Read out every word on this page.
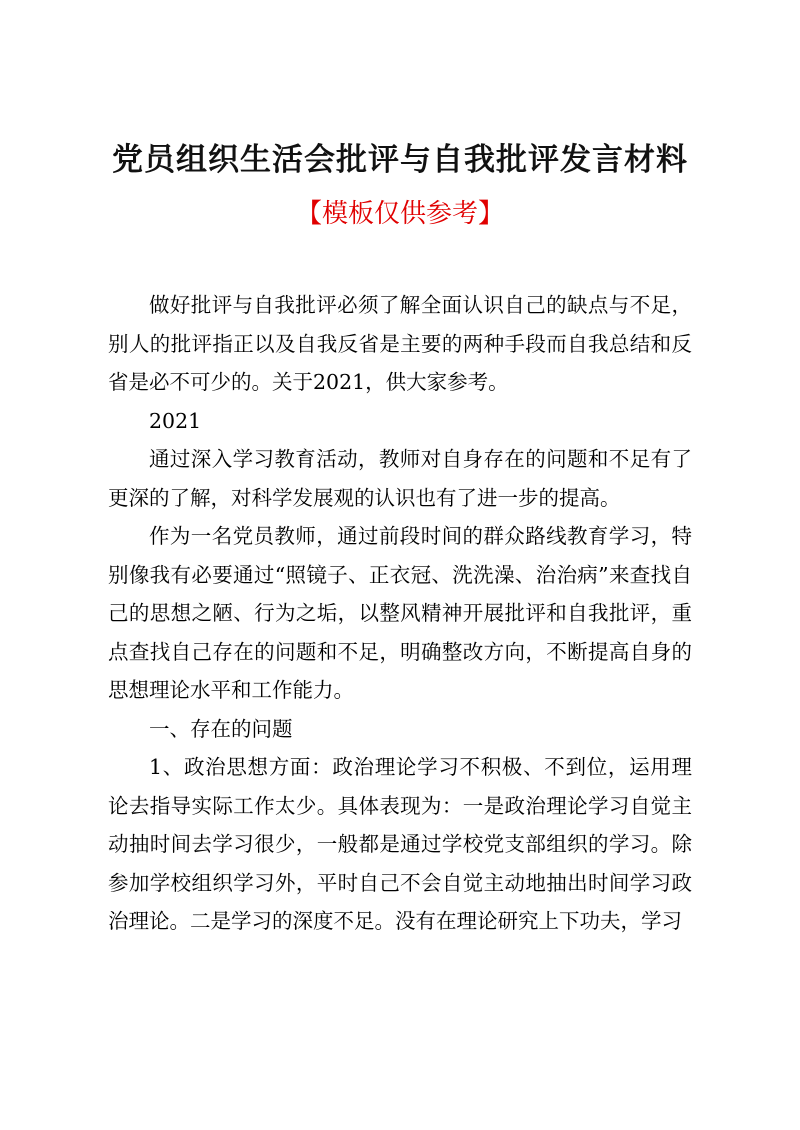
党员组织生活会批评与自我批评发言材料
【模板仅供参考】

做好批评与自我批评必须了解全面认识自己的缺点与不足，别人的批评指正以及自我反省是主要的两种手段而自我总结和反省是必不可少的。关于2021，供大家参考。

2021

通过深入学习教育活动，教师对自身存在的问题和不足有了更深的了解，对科学发展观的认识也有了进一步的提高。

作为一名党员教师，通过前段时间的群众路线教育学习，特别像我有必要通过“照镜子、正衣冠、洗洗澡、治治病”来查找自己的思想之陋、行为之垢，以整风精神开展批评和自我批评，重点查找自己存在的问题和不足，明确整改方向，不断提高自身的思想理论水平和工作能力。

一、存在的问题

1、政治思想方面：政治理论学习不积极、不到位，运用理论去指导实际工作太少。具体表现为：一是政治理论学习自觉主动抽时间去学习很少，一般都是通过学校党支部组织的学习。除参加学校组织学习外，平时自己不会自觉主动地抽出时间学习政治理论。二是学习的深度不足。没有在理论研究上下功夫，学习
